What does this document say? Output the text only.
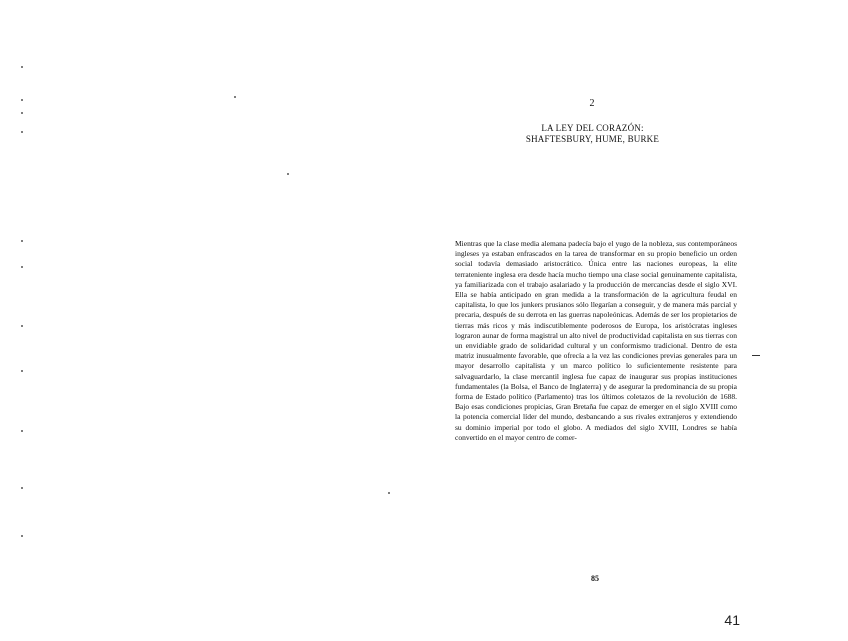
2
LA LEY DEL CORAZÓN:
SHAFTESBURY, HUME, BURKE
Mientras que la clase media alemana padecía bajo el yugo de la nobleza, sus contemporáneos ingleses ya estaban enfrascados en la tarea de transformar en su propio beneficio un orden social todavía demasiado aristocrático. Única entre las naciones europeas, la elite terrateniente inglesa era desde hacía mucho tiempo una clase social genuinamente capitalista, ya familiarizada con el trabajo asalariado y la producción de mercancías desde el siglo XVI. Ella se había anticipado en gran medida a la transformación de la agricultura feudal en capitalista, lo que los junkers prusianos sólo llegarían a conseguir, y de manera más parcial y precaria, después de su derrota en las guerras napoleónicas. Además de ser los propietarios de tierras más ricos y más indiscutiblemente poderosos de Europa, los aristócratas ingleses lograron aunar de forma magistral un alto nivel de productividad capitalista en sus tierras con un envidiable grado de solidaridad cultural y un conformismo tradicional. Dentro de esta matriz inusualmente favorable, que ofrecía a la vez las condiciones previas generales para un mayor desarrollo capitalista y un marco político lo suficientemente resistente para salvaguardarlo, la clase mercantil inglesa fue capaz de inaugurar sus propias instituciones fundamentales (la Bolsa, el Banco de Inglaterra) y de asegurar la predominancia de su propia forma de Estado político (Parlamento) tras los últimos coletazos de la revolución de 1688. Bajo esas condiciones propicias, Gran Bretaña fue capaz de emerger en el siglo XVIII como la potencia comercial líder del mundo, desbancando a sus rivales extranjeros y extendiendo su dominio imperial por todo el globo. A mediados del siglo XVIII, Londres se había convertido en el mayor centro de comer-
85
41
